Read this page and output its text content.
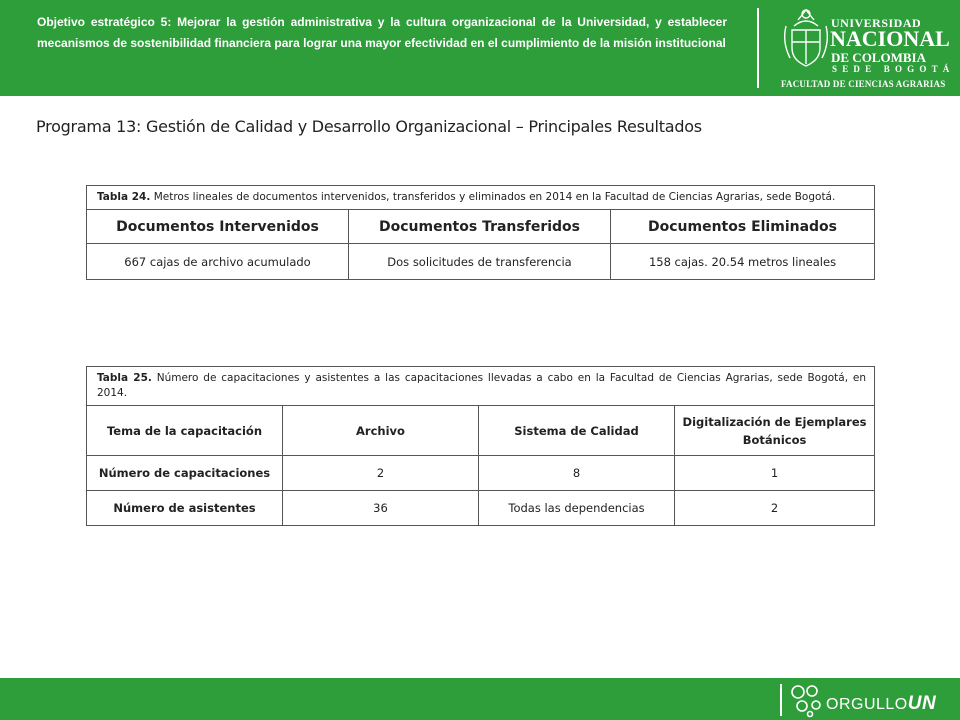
Objetivo estratégico 5: Mejorar la gestión administrativa y la cultura organizacional de la Universidad, y establecer mecanismos de sostenibilidad financiera para lograr una mayor efectividad en el cumplimiento de la misión institucional
UNIVERSIDAD
NACIONAL
DE COLOMBIA
SEDE BOGOTÁ
FACULTAD DE CIENCIAS AGRARIAS
Programa 13: Gestión de Calidad y Desarrollo Organizacional – Principales Resultados
Tabla 24. Metros lineales de documentos intervenidos, transferidos y eliminados en 2014 en la Facultad de Ciencias Agrarias, sede Bogotá.		
Documentos Intervenidos	Documentos Transferidos	Documentos Eliminados
667 cajas de archivo acumulado	Dos solicitudes de transferencia	158 cajas. 20.54 metros lineales
Tabla 25. Número de capacitaciones y asistentes a las capacitaciones llevadas a cabo en la Facultad de Ciencias Agrarias, sede Bogotá, en 2014.			
Tema de la capacitación	Archivo	Sistema de Calidad	Digitalización de Ejemplares Botánicos
Número de capacitaciones	2	8	1
Número de asistentes	36	Todas las dependencias	2
ORGULLOUN
